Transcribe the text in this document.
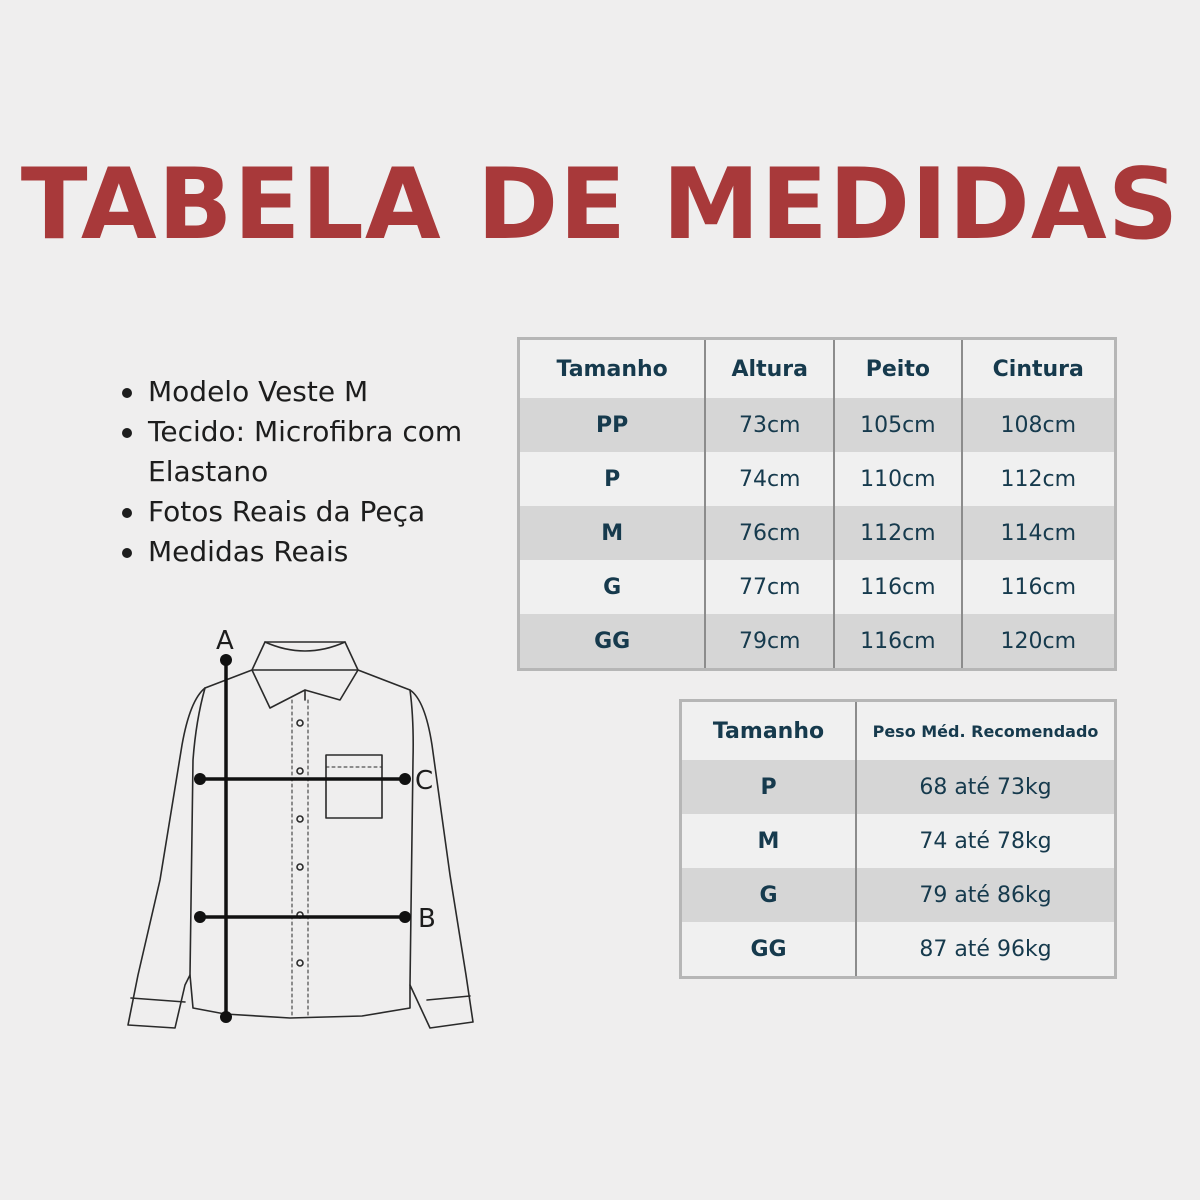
TABELA DE MEDIDAS
Modelo Veste M
Tecido: Microfibra com Elastano
Fotos Reais da Peça
Medidas Reais
Tamanho	Altura	Peito	Cintura
PP	73cm	105cm	108cm
P	74cm	110cm	112cm
M	76cm	112cm	114cm
G	77cm	116cm	116cm
GG	79cm	116cm	120cm
Tamanho	Peso Méd. Recomendado
P	68 até 73kg
M	74 até 78kg
G	79 até 86kg
GG	87 até 96kg
A
C
B
